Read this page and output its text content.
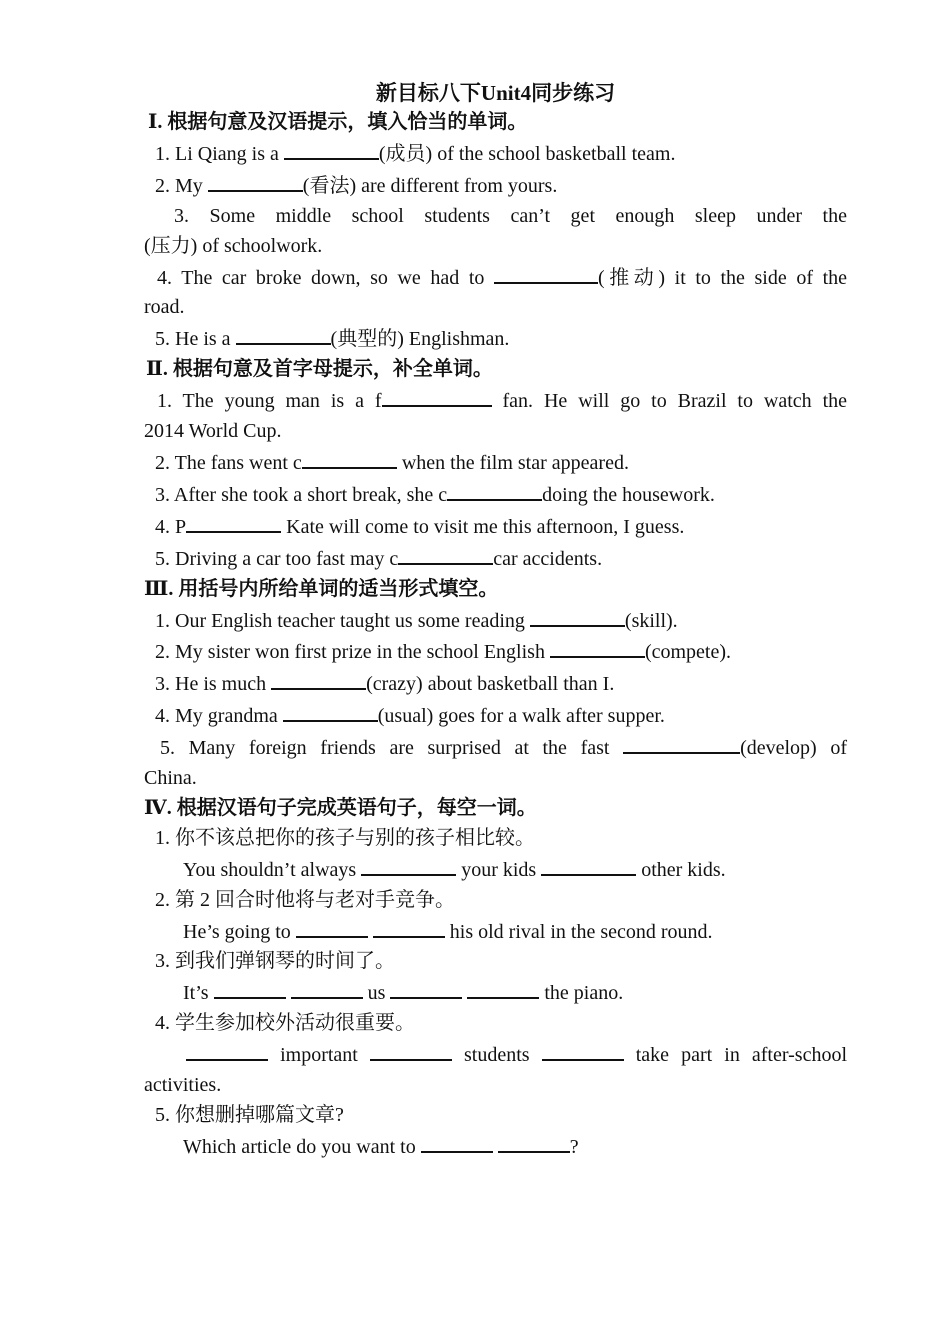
新目标八下Unit4同步练习
Ⅰ. 根据句意及汉语提示，填入恰当的单词。
1. Li Qiang is a	(成员) of the school basketball team.
2. My	(看法) are different from yours.
3. Some middle school students can’t get enough sleep under the
(压力) of schoolwork.
4. The car broke down, so we had to	(推动) it to the side of the
road.
5. He is a	(典型的) Englishman.
Ⅱ. 根据句意及首字母提示，补全单词。
1. The young man is a f	fan. He will go to Brazil to watch the
2014 World Cup.
2. The fans went c	when the film star appeared.
3. After she took a short break, she c	doing the housework.
4. P	Kate will come to visit me this afternoon, I guess.
5. Driving a car too fast may c	car accidents.
Ⅲ. 用括号内所给单词的适当形式填空。
1. Our English teacher taught us some reading	(skill).
2. My sister won first prize in the school English	(compete).
3. He is much	(crazy) about basketball than I.
4. My grandma	(usual) goes for a walk after supper.
5. Many foreign friends are surprised at the fast	(develop) of
China.
Ⅳ. 根据汉语句子完成英语句子，每空一词。
1. 你不该总把你的孩子与别的孩子相比较。
You shouldn’t always	your kids	other kids.
2. 第 2 回合时他将与老对手竞争。
He’s going to	his old rival in the second round.
3. 到我们弹钢琴的时间了。
It’s	us	the piano.
4. 学生参加校外活动很重要。
important	students	take part in after-school
activities.
5. 你想删掉哪篇文章?
Which article do you want to	?
